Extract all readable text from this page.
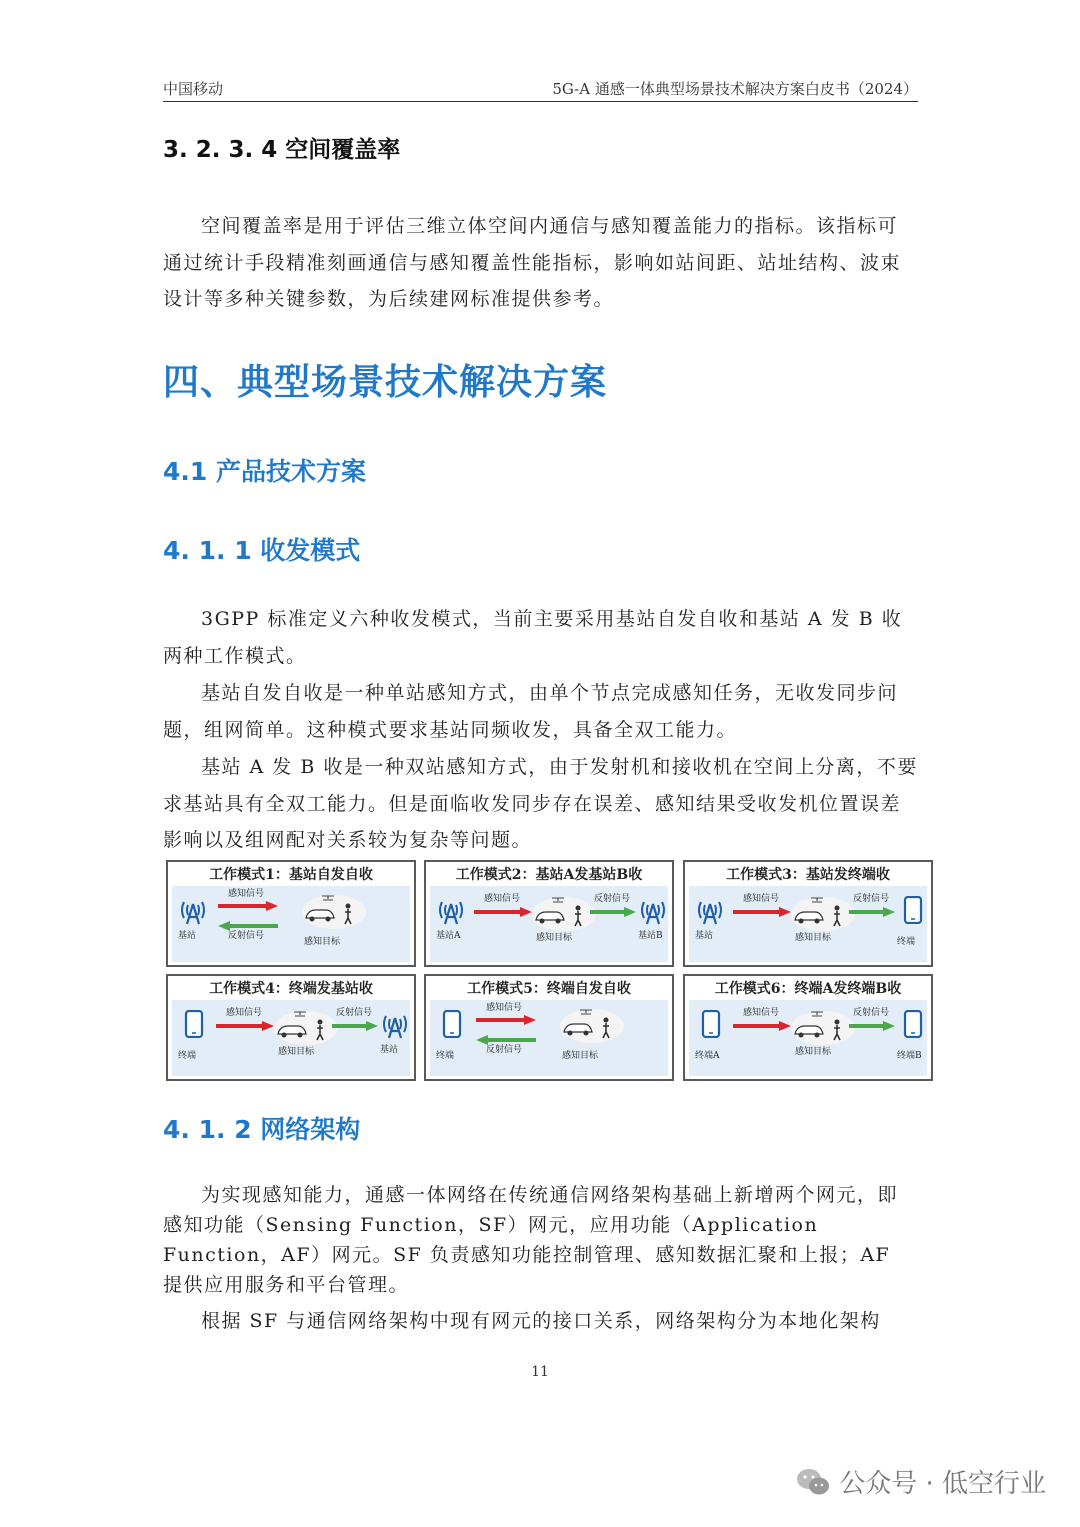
中国移动	5G-A 通感一体典型场景技术解决方案白皮书（2024）
3. 2. 3. 4 空间覆盖率
空间覆盖率是用于评估三维立体空间内通信与感知覆盖能力的指标。该指标可通过统计手段精准刻画通信与感知覆盖性能指标，影响如站间距、站址结构、波束设计等多种关键参数，为后续建网标准提供参考。
四、典型场景技术解决方案
4.1 产品技术方案
4. 1. 1 收发模式
3GPP 标准定义六种收发模式，当前主要采用基站自发自收和基站 A 发 B 收两种工作模式。
基站自发自收是一种单站感知方式，由单个节点完成感知任务，无收发同步问题，组网简单。这种模式要求基站同频收发，具备全双工能力。
基站 A 发 B 收是一种双站感知方式，由于发射机和接收机在空间上分离，不要求基站具有全双工能力。但是面临收发同步存在误差、感知结果受收发机位置误差影响以及组网配对关系较为复杂等问题。
工作模式1：基站自发自收
基站
感知信号
反射信号
感知目标
工作模式2：基站A发基站B收
基站A
感知信号
感知目标
反射信号
基站B
工作模式3：基站发终端收
基站
感知信号
感知目标
反射信号
终端
工作模式4：终端发基站收
终端
感知信号
感知目标
反射信号
基站
工作模式5：终端自发自收
终端
感知信号
反射信号
感知目标
工作模式6：终端A发终端B收
终端A
感知信号
感知目标
反射信号
终端B
4. 1. 2 网络架构
为实现感知能力，通感一体网络在传统通信网络架构基础上新增两个网元，即感知功能（Sensing Function，SF）网元，应用功能（Application Function，AF）网元。SF 负责感知功能控制管理、感知数据汇聚和上报；AF 提供应用服务和平台管理。
根据 SF 与通信网络架构中现有网元的接口关系，网络架构分为本地化架构
11
公众号 · 低空行业
